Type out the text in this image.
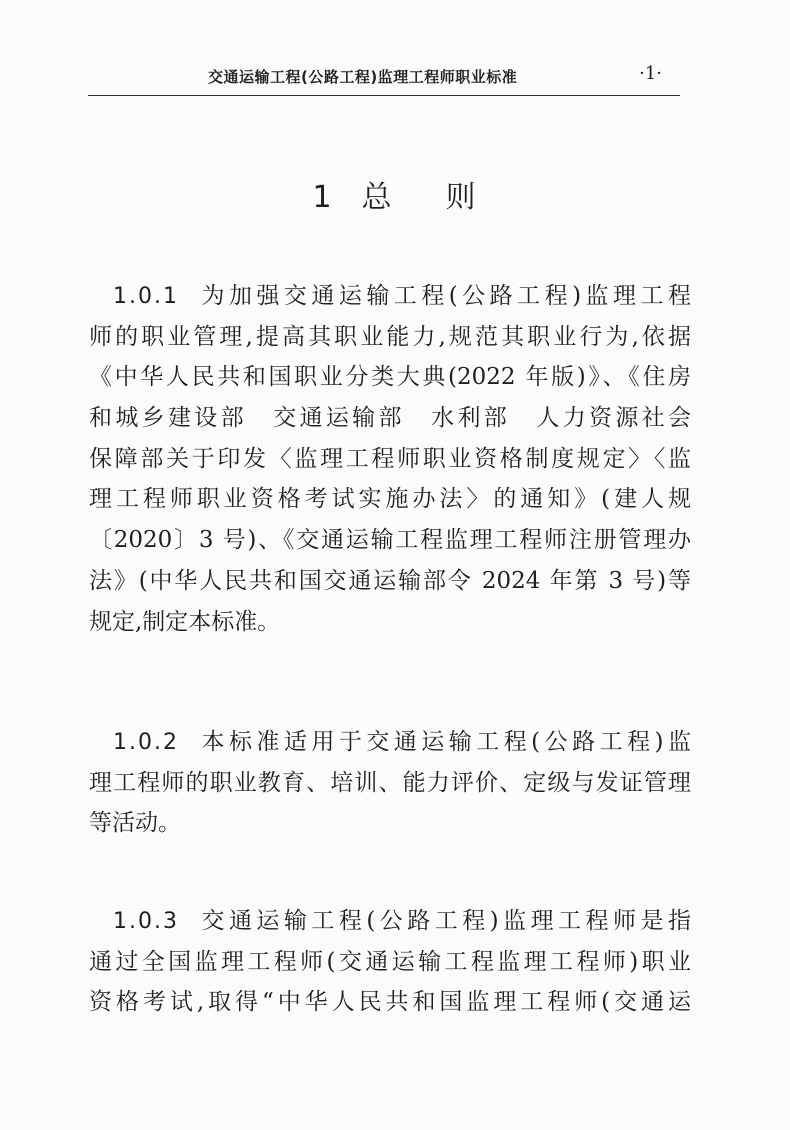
交通运输工程(公路工程)监理工程师职业标准	·1·
1 总 则
1.0.1 为加强交通运输工程(公路工程)监理工程
师的职业管理,提高其职业能力,规范其职业行为,依据
《中华人民共和国职业分类大典(2022 年版)》、《住房
和城乡建设部　交通运输部　水利部　人力资源社会
保障部关于印发〈监理工程师职业资格制度规定〉〈监
理工程师职业资格考试实施办法〉的通知》(建人规
〔2020〕3 号)、《交通运输工程监理工程师注册管理办
法》(中华人民共和国交通运输部令 2024 年第 3 号)等
规定,制定本标准。
1.0.2 本标准适用于交通运输工程(公路工程)监
理工程师的职业教育、培训、能力评价、定级与发证管理
等活动。
1.0.3 交通运输工程(公路工程)监理工程师是指
通过全国监理工程师(交通运输工程监理工程师)职业
资格考试,取得“中华人民共和国监理工程师(交通运
